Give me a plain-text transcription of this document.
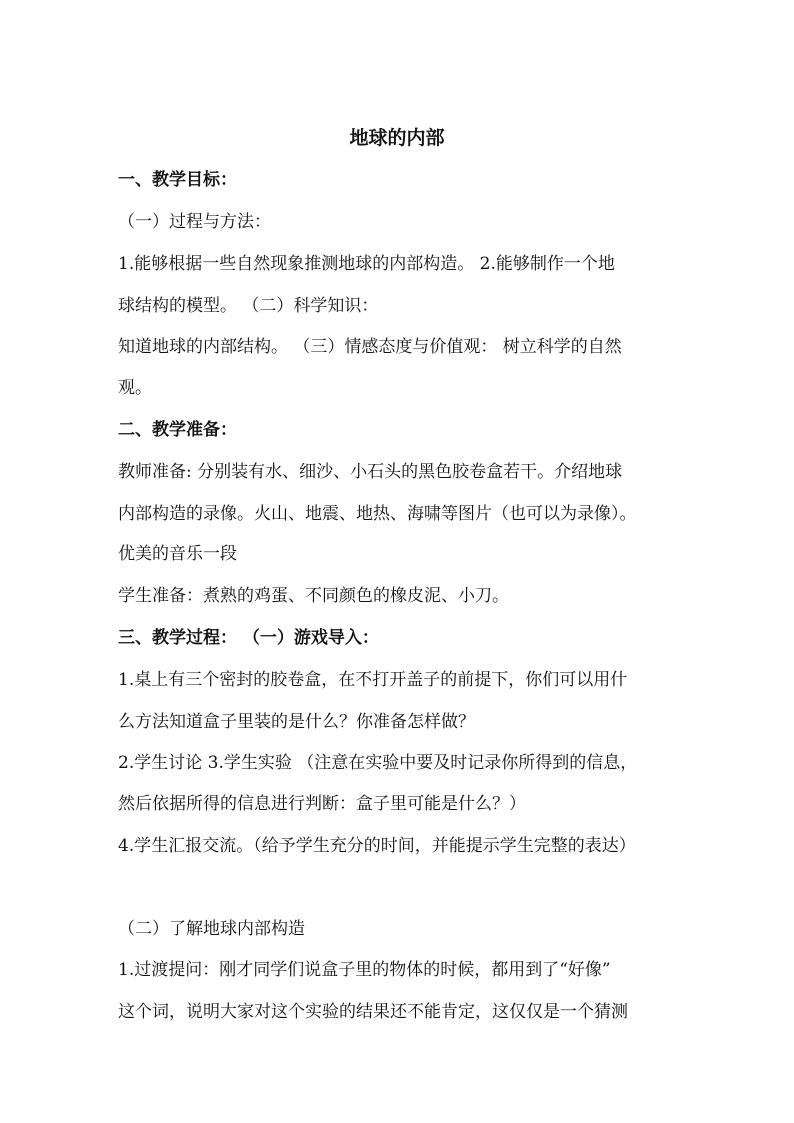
地球的内部
一、教学目标：
（一）过程与方法：
1.能够根据一些自然现象推测地球的内部构造。 2.能够制作一个地
球结构的模型。 （二）科学知识：
知道地球的内部结构。 （三）情感态度与价值观： 树立科学的自然
观。
二、教学准备：
教师准备: 分别装有水、细沙、小石头的黑色胶卷盒若干。介绍地球
内部构造的录像。火山、地震、地热、海啸等图片（也可以为录像）。
优美的音乐一段
学生准备：煮熟的鸡蛋、不同颜色的橡皮泥、小刀。
三、教学过程： （一）游戏导入：
1.桌上有三个密封的胶卷盒，在不打开盖子的前提下，你们可以用什
么方法知道盒子里装的是什么？你准备怎样做？
2.学生讨论 3.学生实验 （注意在实验中要及时记录你所得到的信息，
然后依据所得的信息进行判断：盒子里可能是什么？）
4.学生汇报交流。（给予学生充分的时间，并能提示学生完整的表达）
（二）了解地球内部构造
1.过渡提问：刚才同学们说盒子里的物体的时候，都用到了“好像”
这个词，说明大家对这个实验的结果还不能肯定，这仅仅是一个猜测
